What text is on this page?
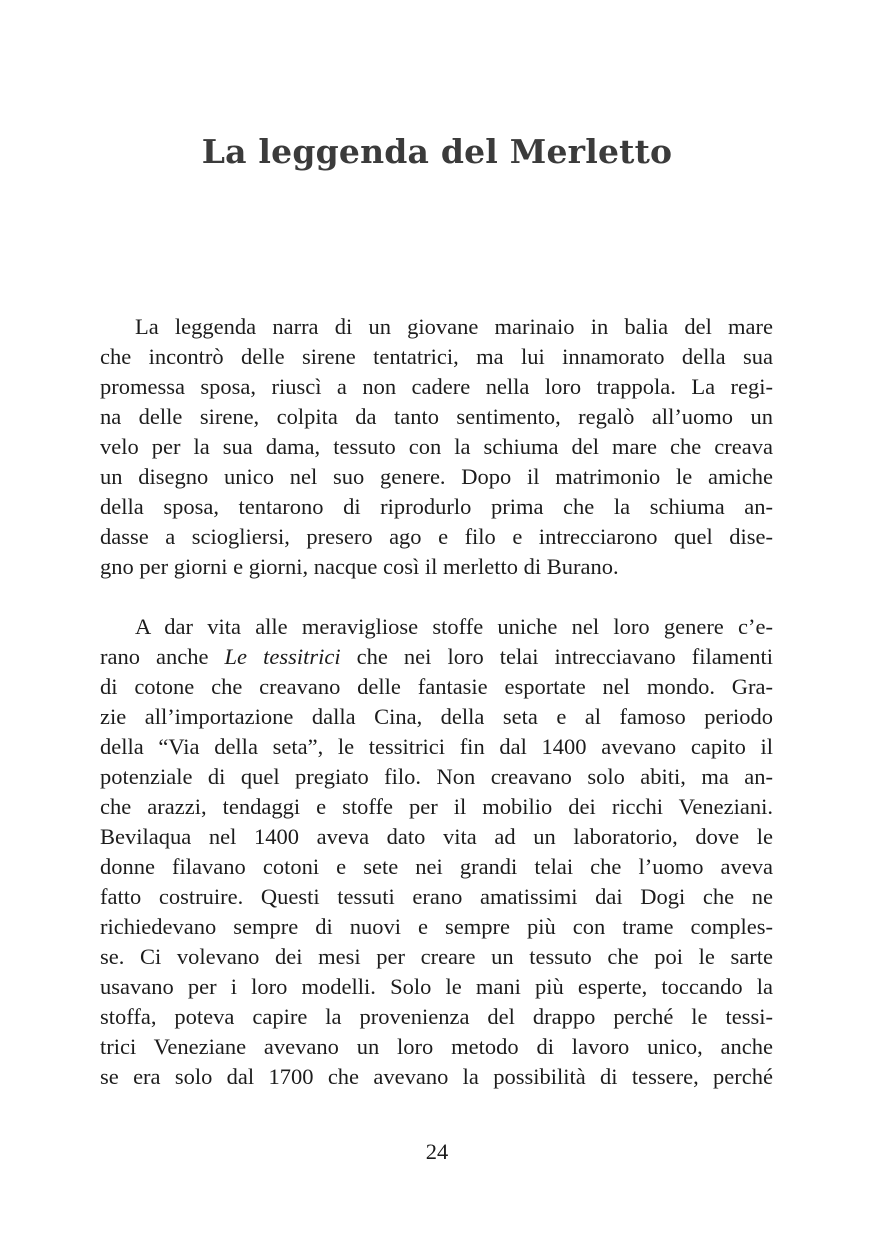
La leggenda del Merletto

La leggenda narra di un giovane marinaio in balia del mare
che incontrò delle sirene tentatrici, ma lui innamorato della sua
promessa sposa, riuscì a non cadere nella loro trappola. La regi-
na delle sirene, colpita da tanto sentimento, regalò all’uomo un
velo per la sua dama, tessuto con la schiuma del mare che creava
un disegno unico nel suo genere. Dopo il matrimonio le amiche
della sposa, tentarono di riprodurlo prima che la schiuma an-
dasse a sciogliersi, presero ago e filo e intrecciarono quel dise-
gno per giorni e giorni, nacque così il merletto di Burano.

A dar vita alle meravigliose stoffe uniche nel loro genere c’e-
rano anche Le tessitrici che nei loro telai intrecciavano filamenti
di cotone che creavano delle fantasie esportate nel mondo. Gra-
zie all’importazione dalla Cina, della seta e al famoso periodo
della “Via della seta”, le tessitrici fin dal 1400 avevano capito il
potenziale di quel pregiato filo. Non creavano solo abiti, ma an-
che arazzi, tendaggi e stoffe per il mobilio dei ricchi Veneziani.
Bevilaqua nel 1400 aveva dato vita ad un laboratorio, dove le
donne filavano cotoni e sete nei grandi telai che l’uomo aveva
fatto costruire. Questi tessuti erano amatissimi dai Dogi che ne
richiedevano sempre di nuovi e sempre più con trame comples-
se. Ci volevano dei mesi per creare un tessuto che poi le sarte
usavano per i loro modelli. Solo le mani più esperte, toccando la
stoffa, poteva capire la provenienza del drappo perché le tessi-
trici Veneziane avevano un loro metodo di lavoro unico, anche
se era solo dal 1700 che avevano la possibilità di tessere, perché

24
